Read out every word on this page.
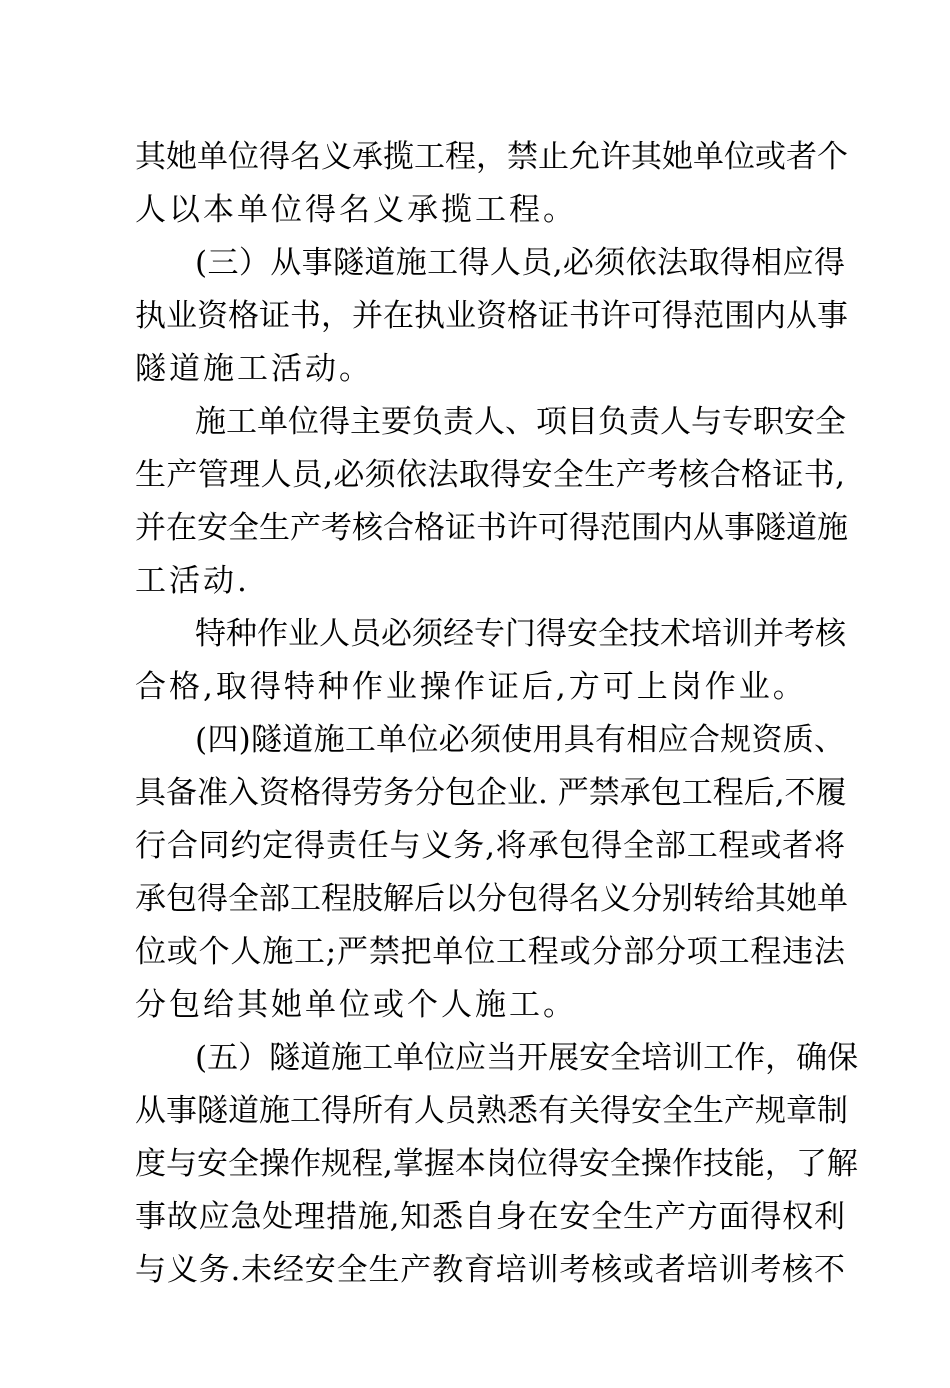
其她单位得名义承揽工程，禁止允许其她单位或者个
人以本单位得名义承揽工程。
(三）从事隧道施工得人员,必须依法取得相应得
执业资格证书，并在执业资格证书许可得范围内从事
隧道施工活动。
施工单位得主要负责人、项目负责人与专职安全
生产管理人员,必须依法取得安全生产考核合格证书,
并在安全生产考核合格证书许可得范围内从事隧道施
工活动.
特种作业人员必须经专门得安全技术培训并考核
合格,取得特种作业操作证后,方可上岗作业。
(四)隧道施工单位必须使用具有相应合规资质、
具备准入资格得劳务分包企业. 严禁承包工程后,不履
行合同约定得责任与义务,将承包得全部工程或者将
承包得全部工程肢解后以分包得名义分别转给其她单
位或个人施工;严禁把单位工程或分部分项工程违法
分包给其她单位或个人施工。
(五）隧道施工单位应当开展安全培训工作，确保
从事隧道施工得所有人员熟悉有关得安全生产规章制
度与安全操作规程,掌握本岗位得安全操作技能，了解
事故应急处理措施,知悉自身在安全生产方面得权利
与义务.未经安全生产教育培训考核或者培训考核不
